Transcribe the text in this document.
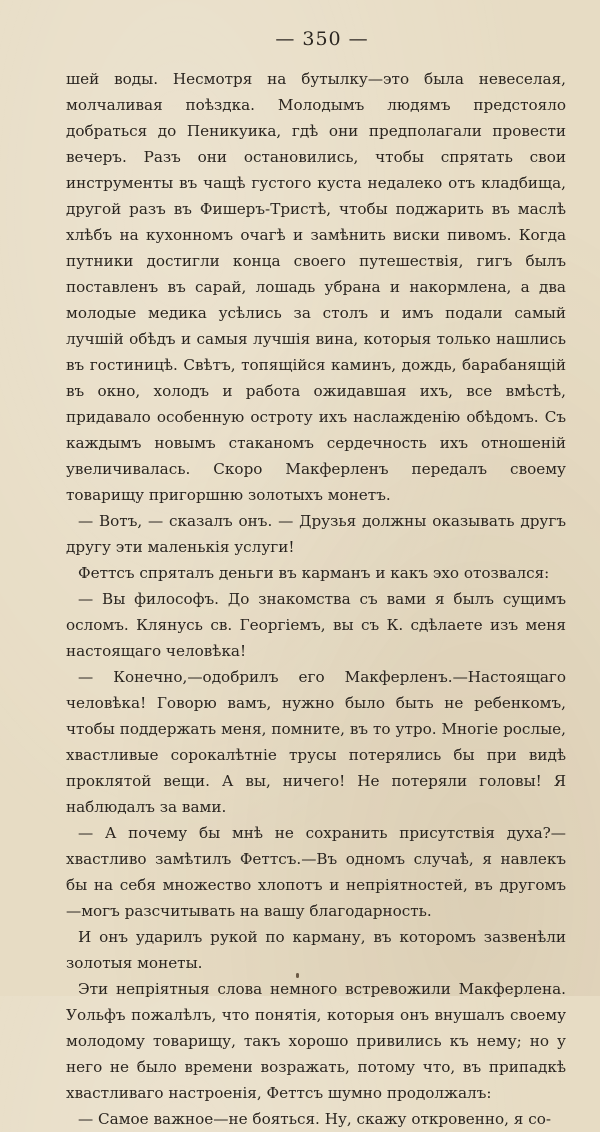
— 350 —

шей воды. Несмотря на бутылку—это была невеселая, молчаливая поѣздка. Молодымъ людямъ предстояло добраться до Пеникуика, гдѣ они предполагали провести вечеръ. Разъ они остановились, чтобы спрятать свои инструменты въ чащѣ густого куста недалеко отъ кладбища, другой разъ въ Фишеръ-Тристѣ, чтобы поджарить въ маслѣ хлѣбъ на кухонномъ очагѣ и замѣнить виски пивомъ. Когда путники достигли конца своего путешествія, гигъ былъ поставленъ въ сарай, лошадь убрана и накормлена, а два молодые медика усѣлись за столъ и имъ подали самый лучшій обѣдъ и самыя лучшія вина, которыя только нашлись въ гостиницѣ. Свѣтъ, топящійся каминъ, дождь, барабанящій въ окно, холодъ и работа ожидавшая ихъ, все вмѣстѣ, придавало особенную остроту ихъ наслажденію обѣдомъ. Съ каждымъ новымъ стаканомъ сердечность ихъ отношеній увеличивалась. Скоро Макферленъ передалъ своему товарищу пригоршню золотыхъ монетъ.

— Вотъ, — сказалъ онъ. — Друзья должны оказывать другъ другу эти маленькія услуги!

Феттсъ спряталъ деньги въ карманъ и какъ эхо отозвался:

— Вы философъ. До знакомства съ вами я былъ сущимъ осломъ. Клянусь св. Георгіемъ, вы съ К. сдѣлаете изъ меня настоящаго человѣка!

— Конечно,—одобрилъ его Макферленъ.—Настоящаго человѣка! Говорю вамъ, нужно было быть не ребенкомъ, чтобы поддержать меня, помните, въ то утро. Многіе рослые, хвастливые сорокалѣтніе трусы потерялись бы при видѣ проклятой вещи. А вы, ничего! Не потеряли головы! Я наблюдалъ за вами.

— А почему бы мнѣ не сохранить присутствія духа?— хвастливо замѣтилъ Феттсъ.—Въ одномъ случаѣ, я навлекъ бы на себя множество хлопотъ и непріятностей, въ другомъ—могъ разсчитывать на вашу благодарность.

И онъ ударилъ рукой по карману, въ которомъ зазвенѣли золотыя монеты.

Эти непріятныя слова немного встревожили Макферлена. Уольфъ пожалѣлъ, что понятія, которыя онъ внушалъ своему молодому товарищу, такъ хорошо привились къ нему; но у него не было времени возражать, потому что, въ припадкѣ хвастливаго настроенія, Феттсъ шумно продолжалъ:

— Самое важное—не бояться. Ну, скажу откровенно, я со-
